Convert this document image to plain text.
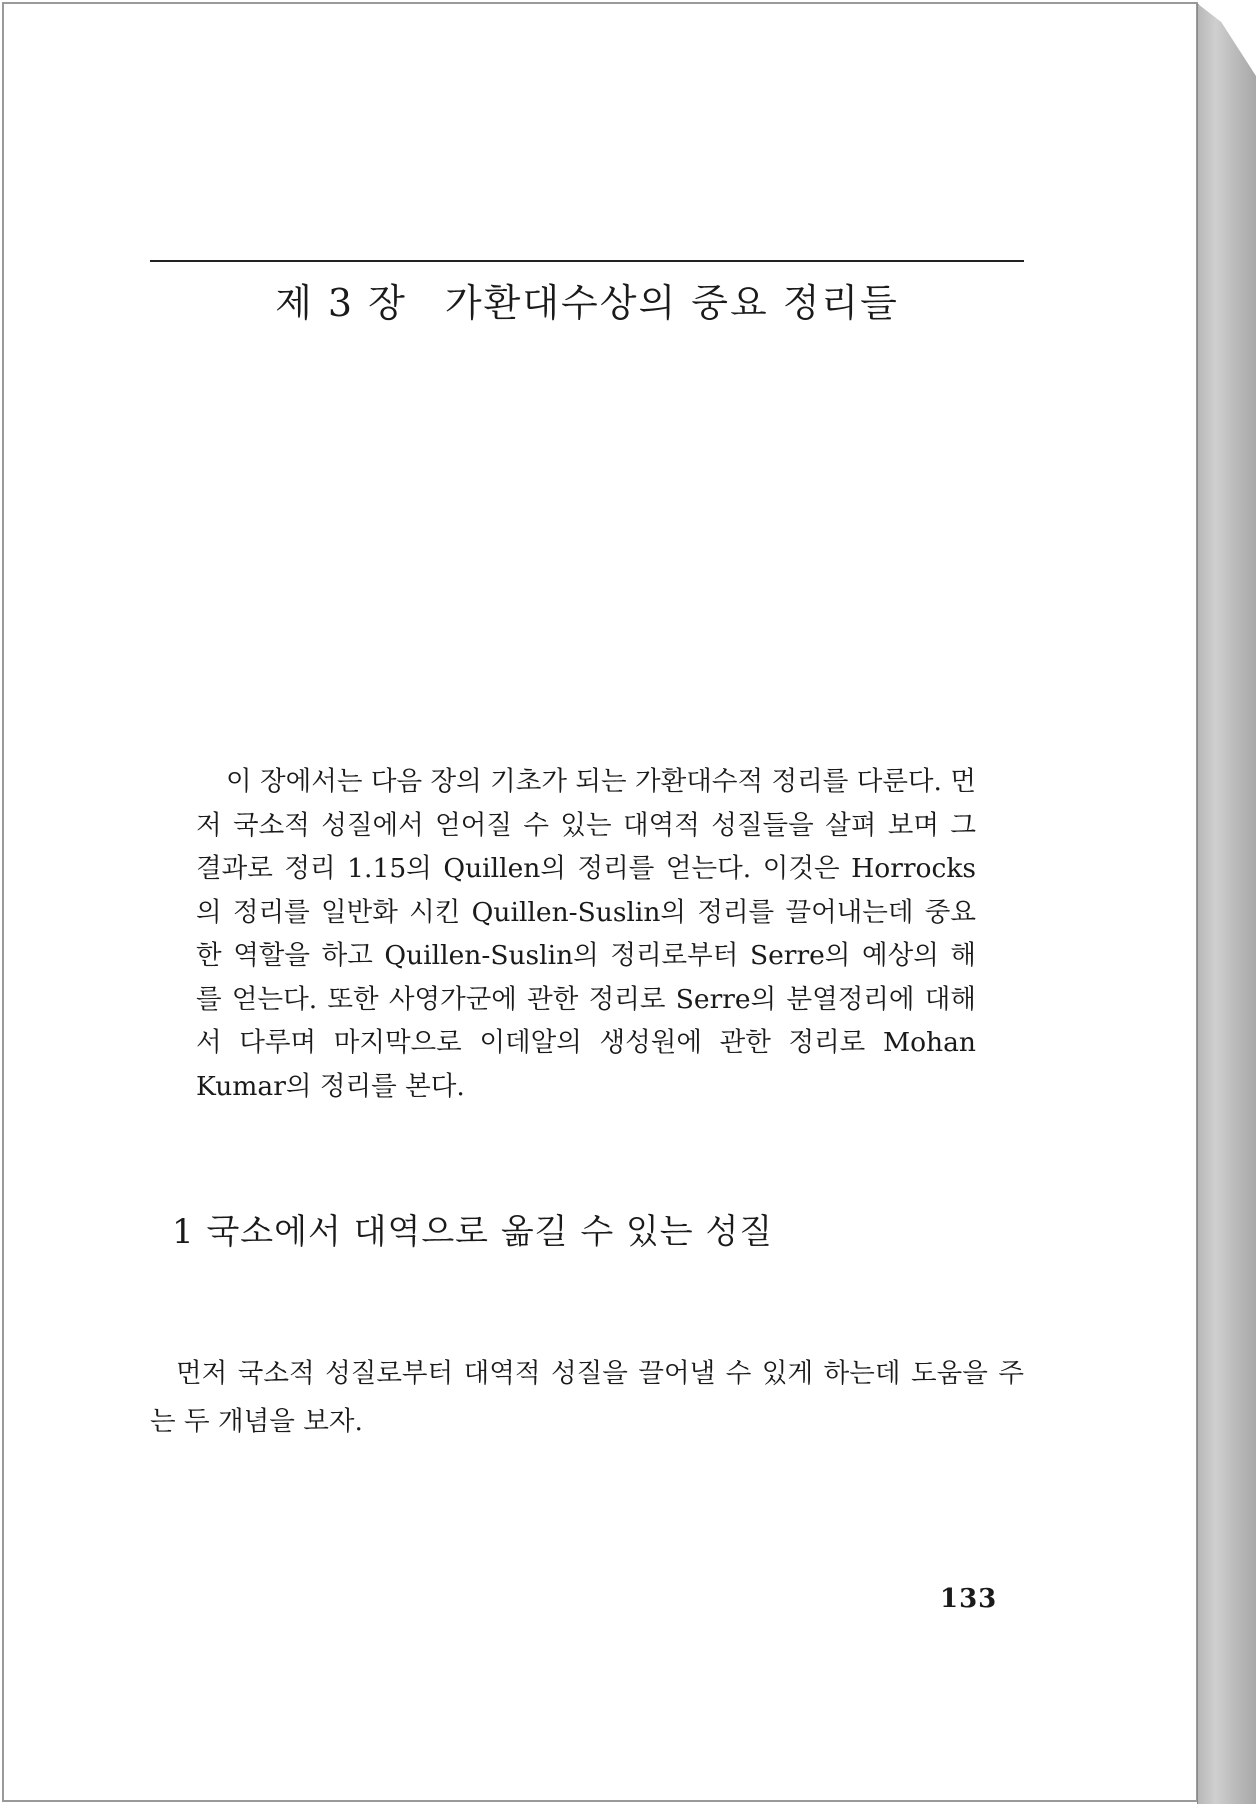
제 3 장 가환대수상의 중요 정리들

이 장에서는 다음 장의 기초가 되는 가환대수적 정리를 다룬다. 먼저 국소적 성질에서 얻어질 수 있는 대역적 성질들을 살펴 보며 그 결과로 정리 1.15의 Quillen의 정리를 얻는다. 이것은 Horrocks의 정리를 일반화 시킨 Quillen-Suslin의 정리를 끌어내는데 중요한 역할을 하고 Quillen-Suslin의 정리로부터 Serre의 예상의 해를 얻는다. 또한 사영가군에 관한 정리로 Serre의 분열정리에 대해서 다루며 마지막으로 이데알의 생성원에 관한 정리로 Mohan Kumar의 정리를 본다.

1 국소에서 대역으로 옮길 수 있는 성질

먼저 국소적 성질로부터 대역적 성질을 끌어낼 수 있게 하는데 도움을 주는 두 개념을 보자.

133
